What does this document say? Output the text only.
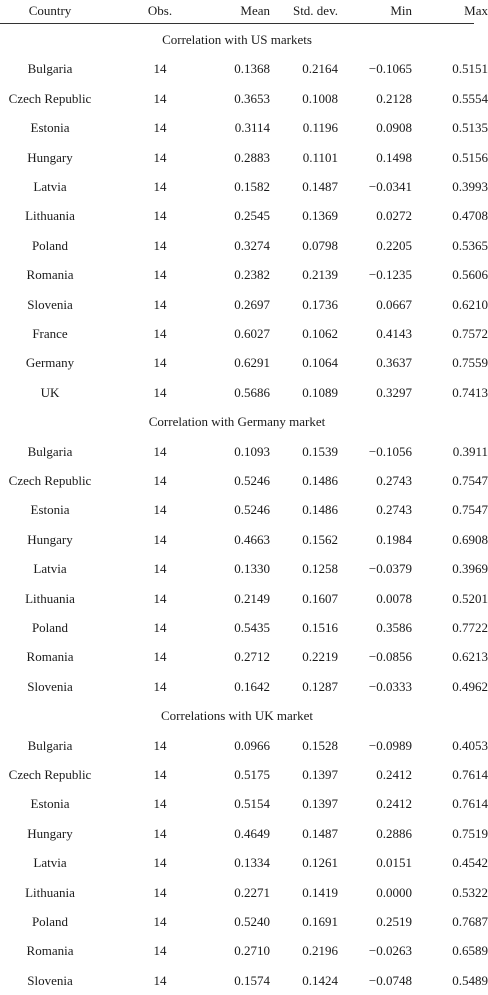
Country	Obs.	Mean	Std. dev.	Min	Max
Correlation with US markets
Bulgaria	14	0.1368	0.2164	−0.1065	0.5151
Czech Republic	14	0.3653	0.1008	0.2128	0.5554
Estonia	14	0.3114	0.1196	0.0908	0.5135
Hungary	14	0.2883	0.1101	0.1498	0.5156
Latvia	14	0.1582	0.1487	−0.0341	0.3993
Lithuania	14	0.2545	0.1369	0.0272	0.4708
Poland	14	0.3274	0.0798	0.2205	0.5365
Romania	14	0.2382	0.2139	−0.1235	0.5606
Slovenia	14	0.2697	0.1736	0.0667	0.6210
France	14	0.6027	0.1062	0.4143	0.7572
Germany	14	0.6291	0.1064	0.3637	0.7559
UK	14	0.5686	0.1089	0.3297	0.7413
Correlation with Germany market
Bulgaria	14	0.1093	0.1539	−0.1056	0.3911
Czech Republic	14	0.5246	0.1486	0.2743	0.7547
Estonia	14	0.5246	0.1486	0.2743	0.7547
Hungary	14	0.4663	0.1562	0.1984	0.6908
Latvia	14	0.1330	0.1258	−0.0379	0.3969
Lithuania	14	0.2149	0.1607	0.0078	0.5201
Poland	14	0.5435	0.1516	0.3586	0.7722
Romania	14	0.2712	0.2219	−0.0856	0.6213
Slovenia	14	0.1642	0.1287	−0.0333	0.4962
Correlations with UK market
Bulgaria	14	0.0966	0.1528	−0.0989	0.4053
Czech Republic	14	0.5175	0.1397	0.2412	0.7614
Estonia	14	0.5154	0.1397	0.2412	0.7614
Hungary	14	0.4649	0.1487	0.2886	0.7519
Latvia	14	0.1334	0.1261	0.0151	0.4542
Lithuania	14	0.2271	0.1419	0.0000	0.5322
Poland	14	0.5240	0.1691	0.2519	0.7687
Romania	14	0.2710	0.2196	−0.0263	0.6589
Slovenia	14	0.1574	0.1424	−0.0748	0.5489
